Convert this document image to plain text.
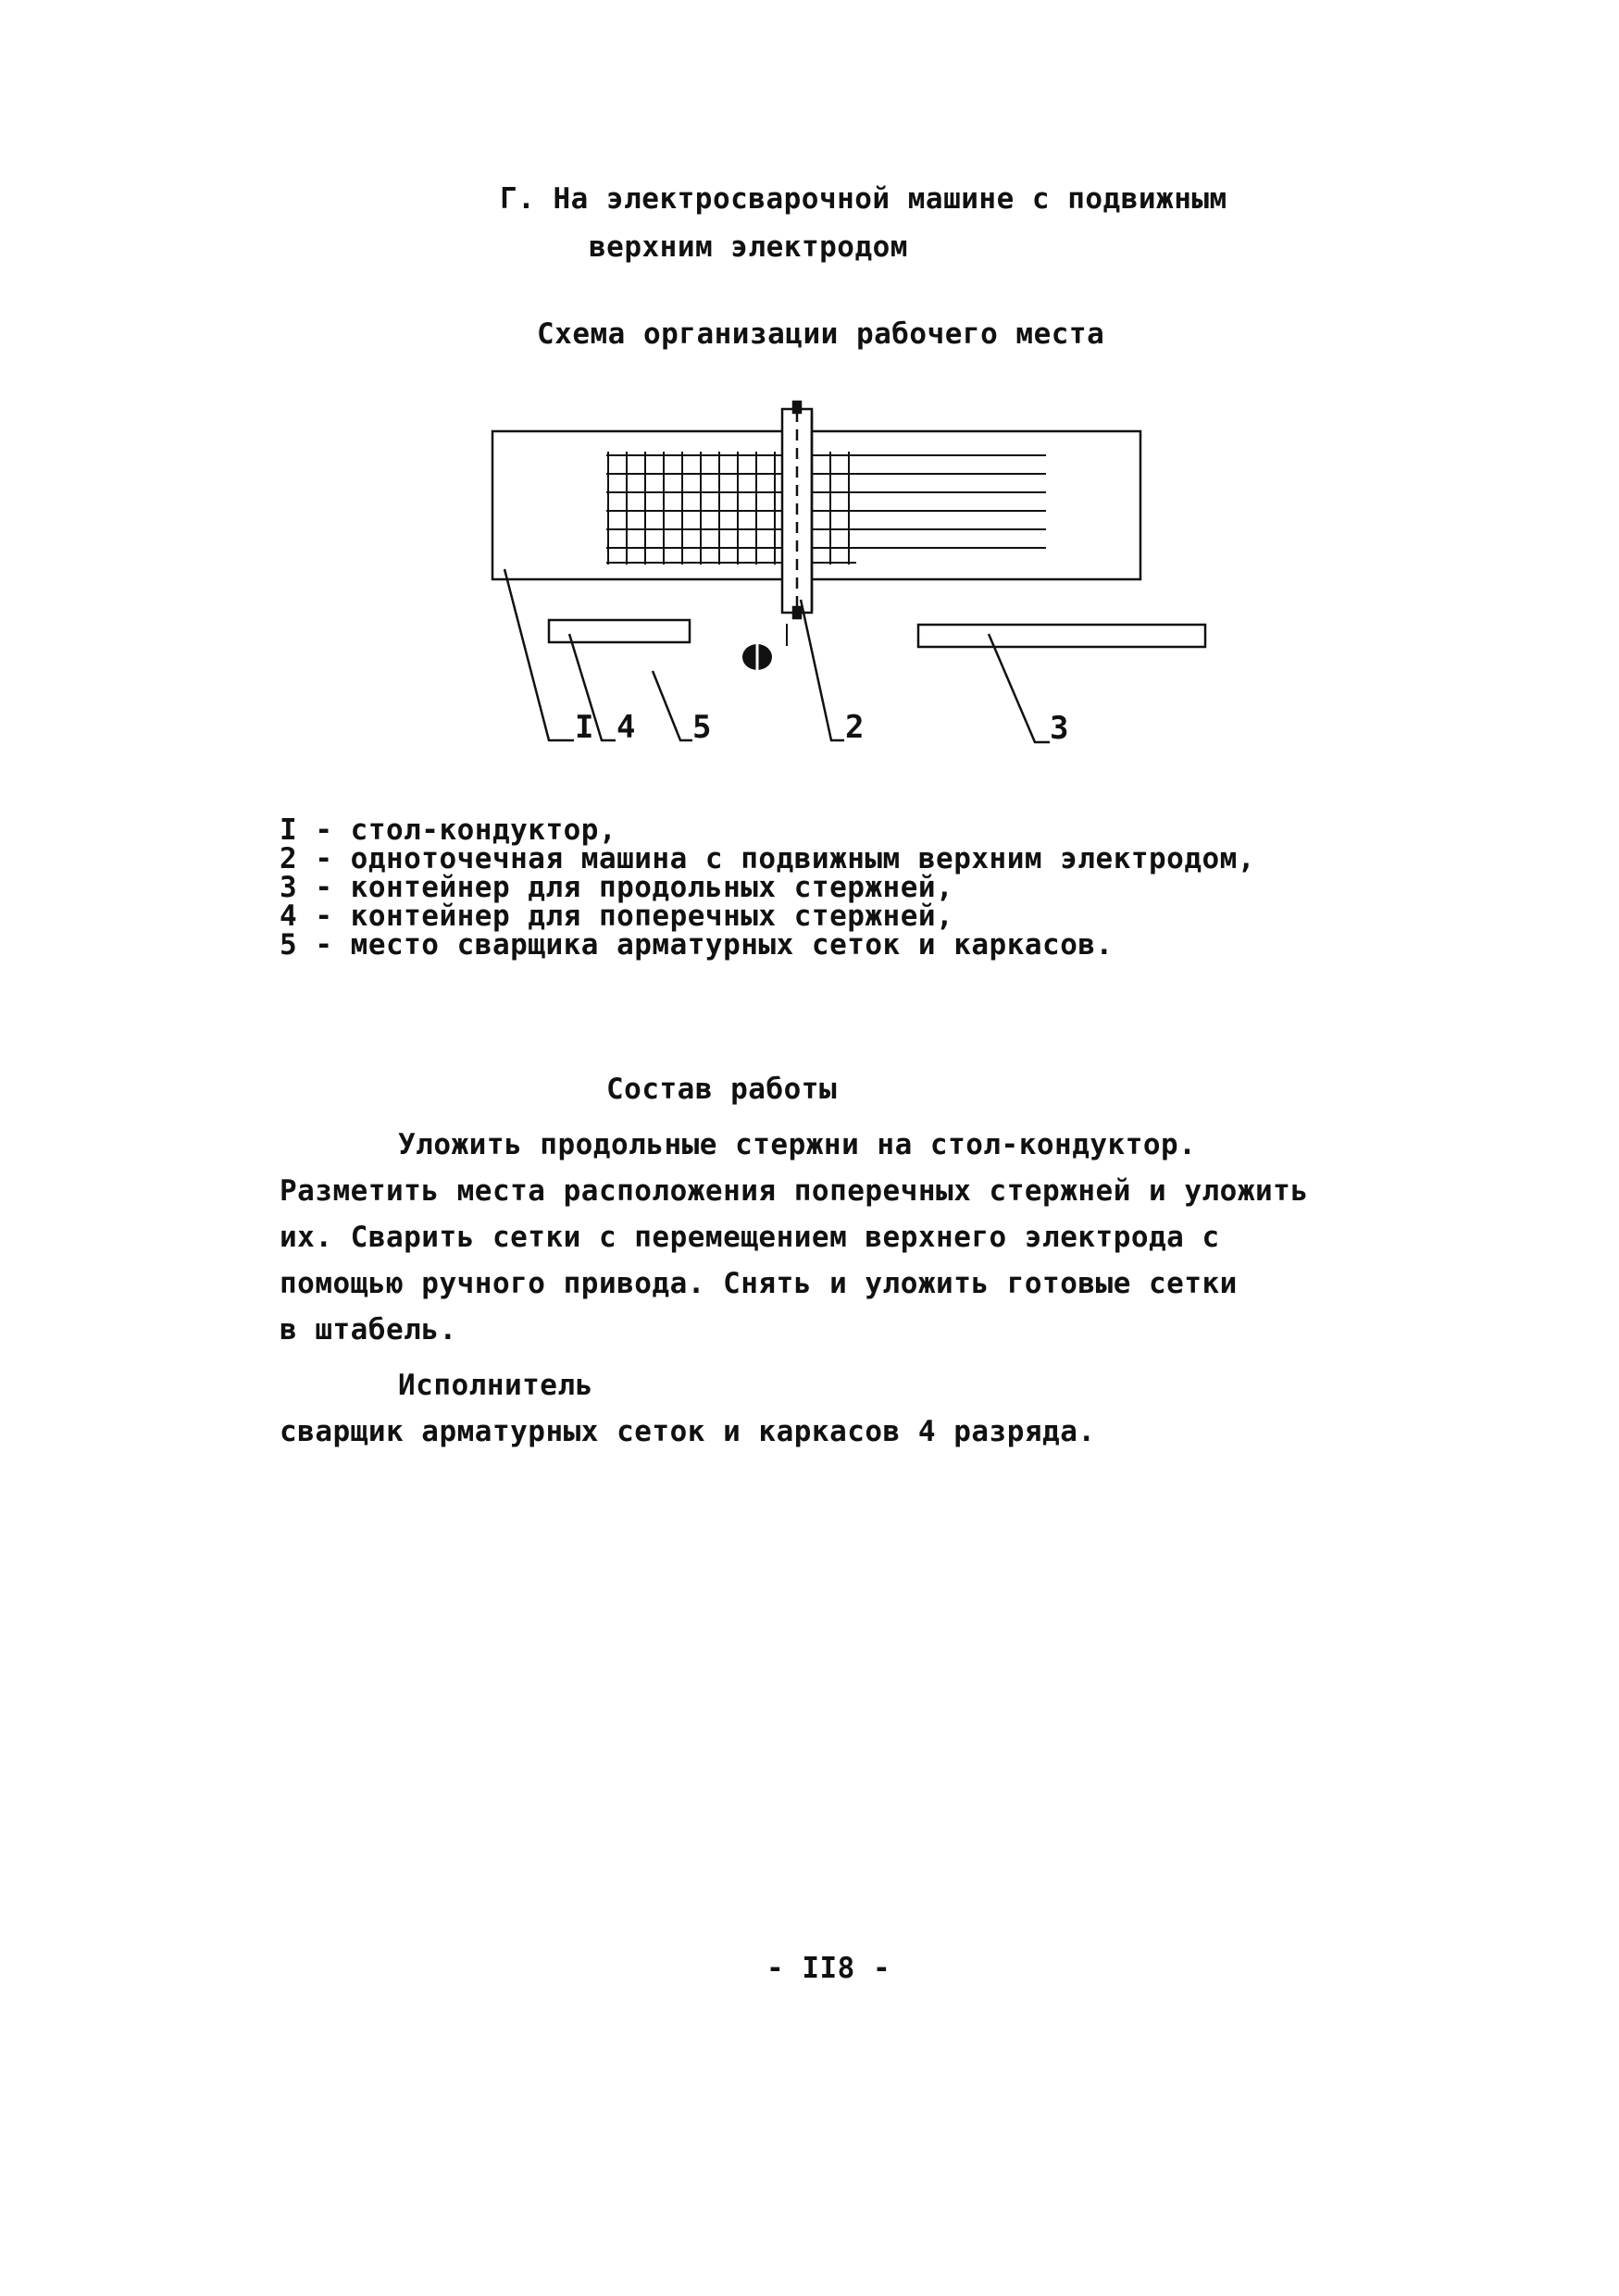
Г. На электросварочной машине с подвижным
верхним электродом
Схема организации рабочего места
I 4 5	2	3
I - стол-кондуктор,
2 - одноточечная машина с подвижным верхним электродом,
3 - контейнер для продольных стержней,
4 - контейнер для поперечных стержней,
5 - место сварщика арматурных сеток и каркасов.
Состав работы
Уложить продольные стержни на стол-кондуктор.
Разметить места расположения поперечных стержней и уложить
их. Сварить сетки с перемещением верхнего электрода с
помощью ручного привода. Снять и уложить готовые сетки
в штабель.
Исполнитель
сварщик арматурных сеток и каркасов 4 разряда.
- II8 -
